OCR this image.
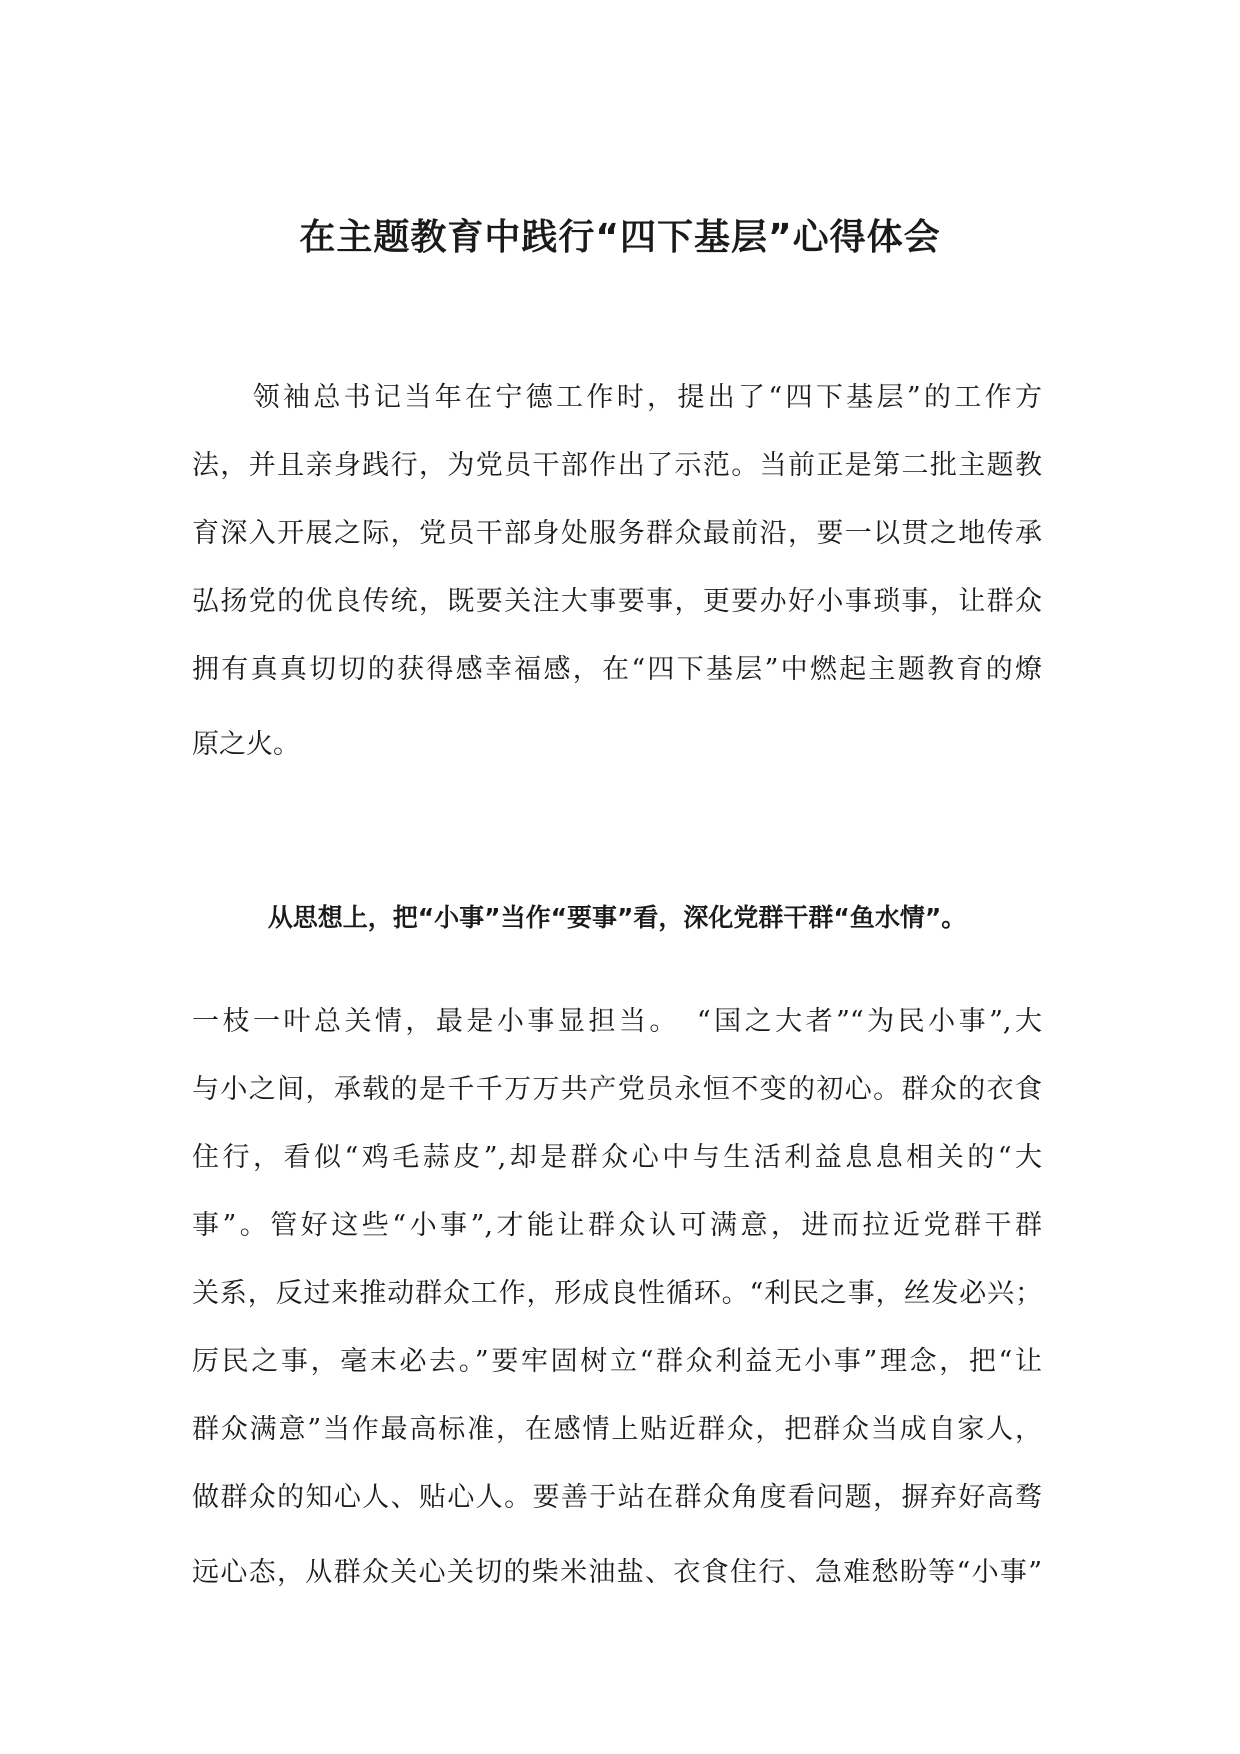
在主题教育中践行“四下基层”心得体会

　　领袖总书记当年在宁德工作时，提出了“四下基层”的工作方

法，并且亲身践行，为党员干部作出了示范。当前正是第二批主题教

育深入开展之际，党员干部身处服务群众最前沿，要一以贯之地传承

弘扬党的优良传统，既要关注大事要事，更要办好小事琐事，让群众

拥有真真切切的获得感幸福感，在“四下基层”中燃起主题教育的燎

原之火。

从思想上，把“小事”当作“要事”看，深化党群干群“鱼水情”。

一枝一叶总关情，最是小事显担当。　“国之大者”“为民小事”,大

与小之间，承载的是千千万万共产党员永恒不变的初心。群众的衣食

住行，看似“鸡毛蒜皮”,却是群众心中与生活利益息息相关的“大

事”。管好这些“小事”,才能让群众认可满意，进而拉近党群干群

关系，反过来推动群众工作，形成良性循环。“利民之事，丝发必兴；

厉民之事，毫末必去。”要牢固树立“群众利益无小事”理念，把“让

群众满意”当作最高标准，在感情上贴近群众，把群众当成自家人，

做群众的知心人、贴心人。要善于站在群众角度看问题，摒弃好高骛

远心态，从群众关心关切的柴米油盐、衣食住行、急难愁盼等“小事”
